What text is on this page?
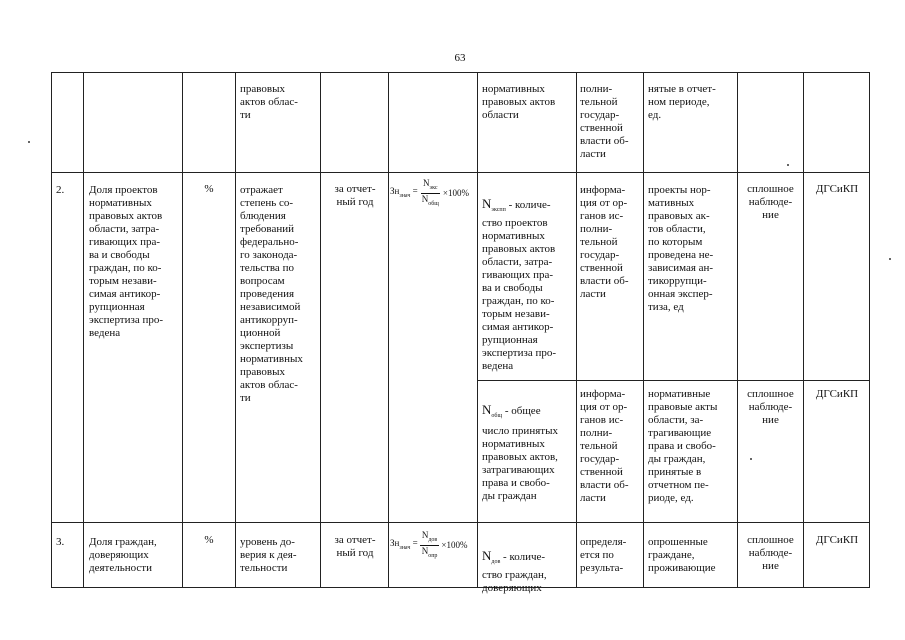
63
правовых
актов облас-
ти
нормативных
правовых актов
области
полни-
тельной
государ-
ственной
власти об-
ласти
нятые в отчет-
ном периоде,
ед.
2. Доля проектов
нормативных
правовых актов
области, затра-
гивающих пра-
ва и свободы
граждан, по ко-
торым незави-
симая антикор-
рупционная
экспертиза про-
ведена
%	отражает
степень со-
блюдения
требований
федерально-
го законода-
тельства по
вопросам
проведения
независимой
антикорруп-
ционной
экспертизы
нормативных
правовых
актов облас-
ти
за отчет-
ный год
$Зн_{знач} = \frac{N_{экс}}{N_{общ}} \times 100\%$

$N_{экспп}$ - количе-
ство проектов
нормативных
правовых актов
области, затра-
гивающих пра-
ва и свободы
граждан, по ко-
торым незави-
симая антикор-
рупционная
экспертиза про-
ведена

информа-
ция от ор-
ганов ис-
полни-
тельной
государ-
ственной
власти об-
ласти
проекты нор-
мативных
правовых ак-
тов области,
по которым
проведена не-
зависимая ан-
тикоррупци-
онная экспер-
тиза, ед
сплошное
наблюде-
ние
ДГСиКП

$N_{общ}$ - общее

число принятых
нормативных
правовых актов,
затрагивающих
права и свобо-
ды граждан

информа-
ция от ор-
ганов ис-
полни-
тельной
государ-
ственной
власти об-
ласти
нормативные
правовые акты
области, за-
трагивающие
права и свобо-
ды граждан,
принятые в
отчетном пе-
риоде, ед.
сплошное
наблюде-
ние
ДГСиКП
3. Доля граждан,
доверяющих
деятельности
%	уровень до-
верия к дея-
тельности
за отчет-
ный год
$Зн_{знач} = \frac{N_{дов}}{N_{опр}} \times 100\%$

$N_{дов}$ - количе-
ство граждан,
доверяющих

определя-
ется по
результа-
опрошенные
граждане,
проживающие
сплошное
наблюде-
ние
ДГСиКП
